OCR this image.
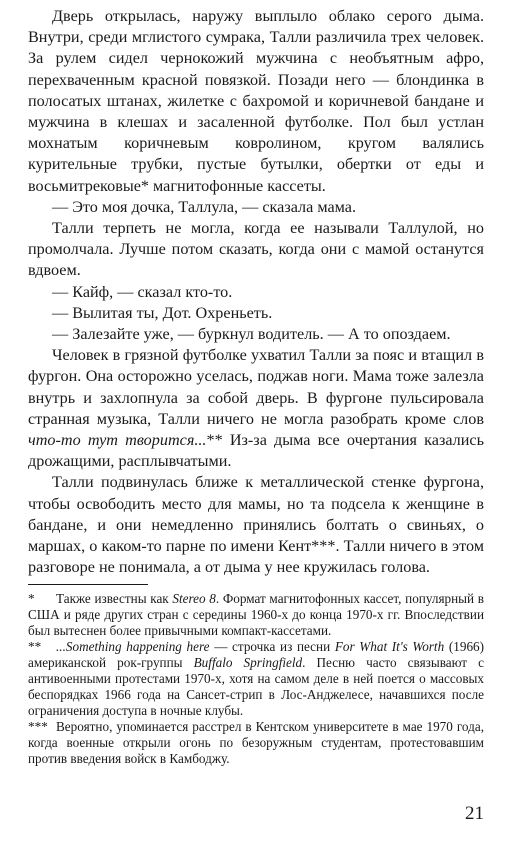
Дверь открылась, наружу выплыло облако серого дыма. Внутри, среди мглистого сумрака, Талли различила трех человек. За рулем сидел чернокожий мужчина с необъятным афро, перехваченным красной повязкой. Позади него — блондинка в полосатых штанах, жилетке с бахромой и коричневой бандане и мужчина в клешах и засаленной футболке. Пол был устлан мохнатым коричневым ковролином, кругом валялись курительные трубки, пустые бутылки, обертки от еды и восьмитрековые* магнитофонные кассеты.

— Это моя дочка, Таллула, — сказала мама.

Талли терпеть не могла, когда ее называли Таллулой, но промолчала. Лучше потом сказать, когда они с мамой останутся вдвоем.

— Кайф, — сказал кто-то.

— Вылитая ты, Дот. Охреньеть.

— Залезайте уже, — буркнул водитель. — А то опоздаем.

Человек в грязной футболке ухватил Талли за пояс и втащил в фургон. Она осторожно уселась, поджав ноги. Мама тоже залезла внутрь и захлопнула за собой дверь. В фургоне пульсировала странная музыка, Талли ничего не могла разобрать кроме слов что-то тут творится...** Из-за дыма все очертания казались дрожащими, расплывчатыми.

Талли подвинулась ближе к металлической стенке фургона, чтобы освободить место для мамы, но та подсела к женщине в бандане, и они немедленно принялись болтать о свиньях, о маршах, о каком-то парне по имени Кент***. Талли ничего в этом разговоре не понимала, а от дыма у нее кружилась голова.

* Также известны как Stereo 8. Формат магнитофонных кассет, популярный в США и ряде других стран с середины 1960-х до конца 1970-х гг. Впоследствии был вытеснен более привычными компакт-кассетами.

** ...Something happening here — строчка из песни For What It's Worth (1966) американской рок-группы Buffalo Springfield. Песню часто связывают с антивоенными протестами 1970-х, хотя на самом деле в ней поется о массовых беспорядках 1966 года на Сансет-стрип в Лос-Анджелесе, начавшихся после ограничения доступа в ночные клубы.

*** Вероятно, упоминается расстрел в Кентском университете в мае 1970 года, когда военные открыли огонь по безоружным студентам, протестовавшим против введения войск в Камбоджу.

21
